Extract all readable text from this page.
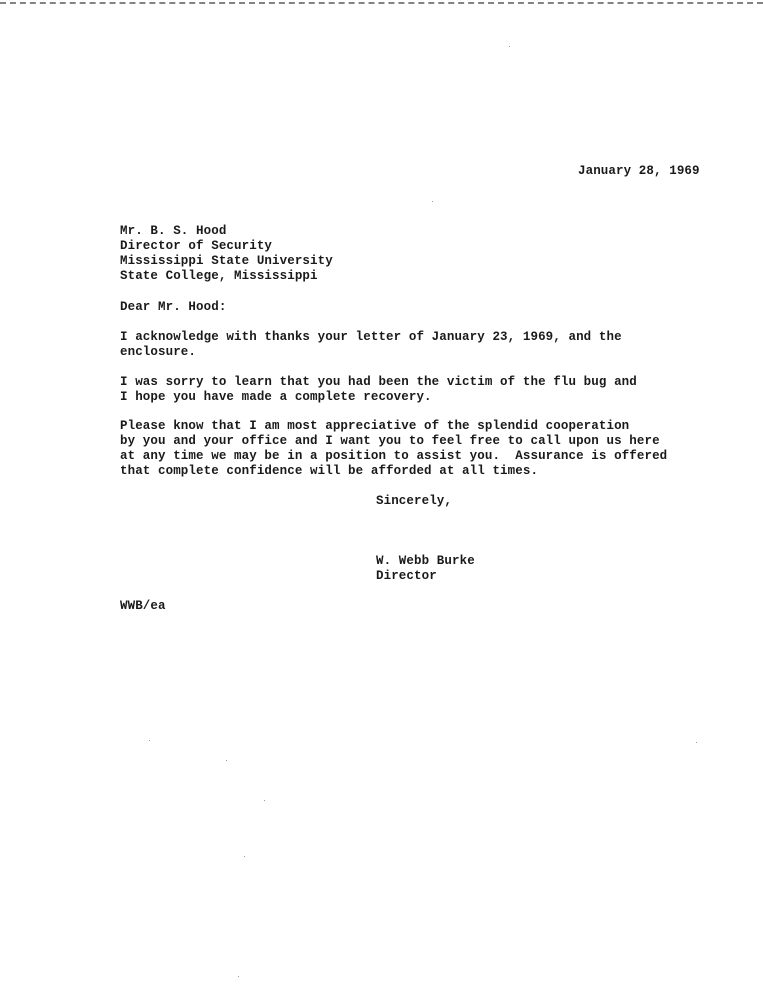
January 28, 1969
Mr. B. S. Hood
Director of Security
Mississippi State University
State College, Mississippi
Dear Mr. Hood:
I acknowledge with thanks your letter of January 23, 1969, and the
enclosure.
I was sorry to learn that you had been the victim of the flu bug and
I hope you have made a complete recovery.
Please know that I am most appreciative of the splendid cooperation
by you and your office and I want you to feel free to call upon us here
at any time we may be in a position to assist you.  Assurance is offered
that complete confidence will be afforded at all times.
Sincerely,
W. Webb Burke
Director
WWB/ea
